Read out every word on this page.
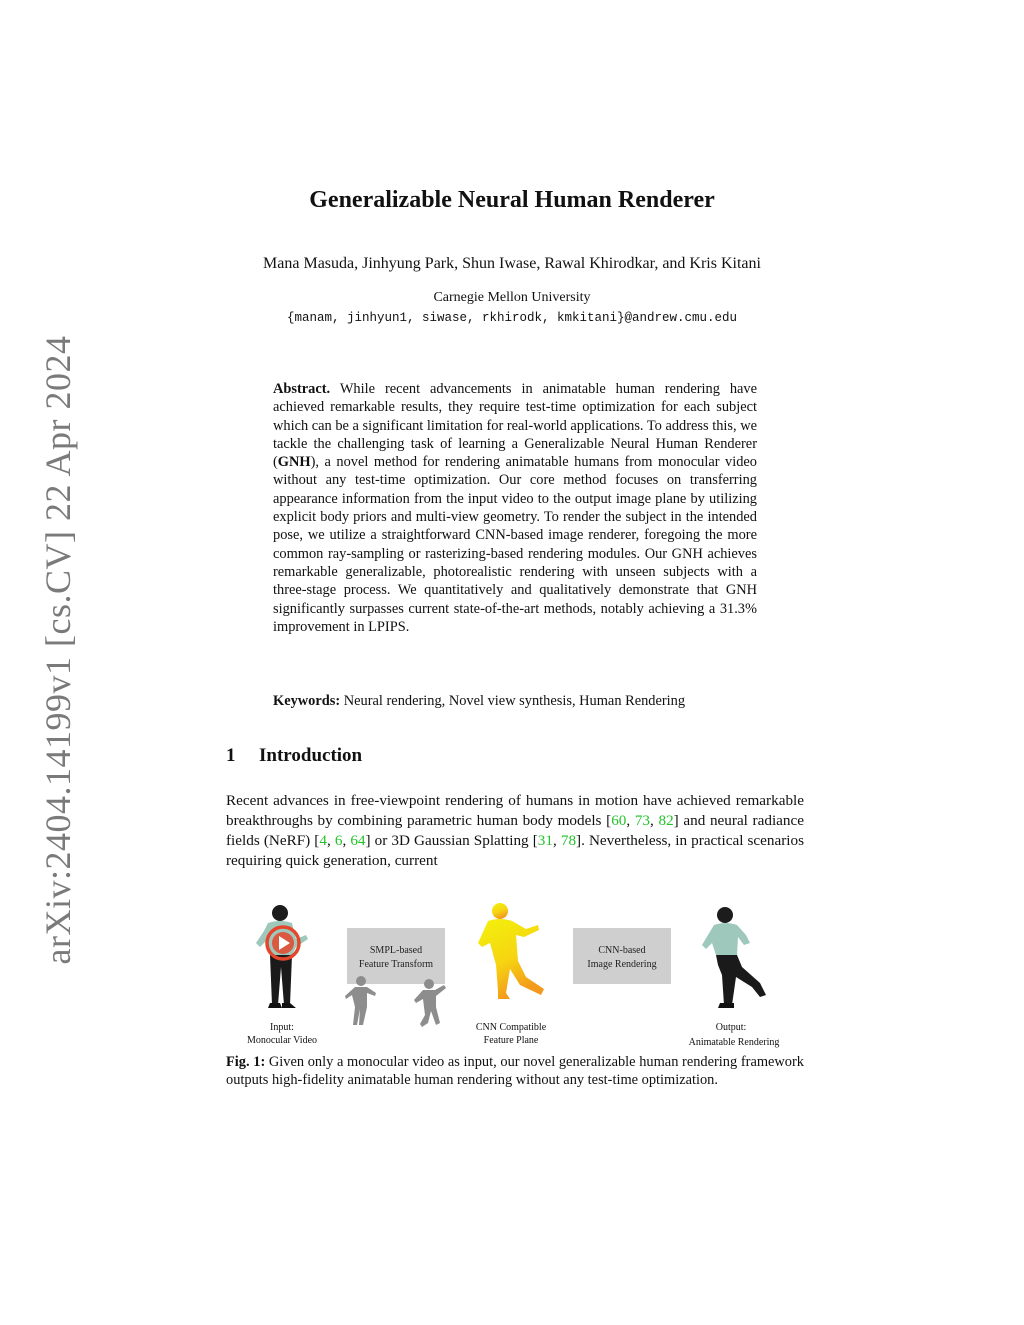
arXiv:2404.14199v1 [cs.CV] 22 Apr 2024
Generalizable Neural Human Renderer
Mana Masuda, Jinhyung Park, Shun Iwase, Rawal Khirodkar, and Kris Kitani
Carnegie Mellon University
{manam, jinhyun1, siwase, rkhirodk, kmkitani}@andrew.cmu.edu
Abstract. While recent advancements in animatable human rendering have achieved remarkable results, they require test-time optimization for each subject which can be a significant limitation for real-world applications. To address this, we tackle the challenging task of learning a Generalizable Neural Human Renderer (GNH), a novel method for rendering animatable humans from monocular video without any test-time optimization. Our core method focuses on transferring appearance information from the input video to the output image plane by utilizing explicit body priors and multi-view geometry. To render the subject in the intended pose, we utilize a straightforward CNN-based image renderer, foregoing the more common ray-sampling or rasterizing-based rendering modules. Our GNH achieves remarkable generalizable, photorealistic rendering with unseen subjects with a three-stage process. We quantitatively and qualitatively demonstrate that GNH significantly surpasses current state-of-the-art methods, notably achieving a 31.3% improvement in LPIPS.
Keywords: Neural rendering, Novel view synthesis, Human Rendering
1 Introduction
Recent advances in free-viewpoint rendering of humans in motion have achieved remarkable breakthroughs by combining parametric human body models [60, 73, 82] and neural radiance fields (NeRF) [4, 6, 64] or 3D Gaussian Splatting [31, 78]. Nevertheless, in practical scenarios requiring quick generation, current
SMPL-based
Feature Transform
CNN-based
Image Rendering
Input:
Monocular Video
CNN Compatible
Feature Plane
Output:
Animatable Rendering
Fig. 1: Given only a monocular video as input, our novel generalizable human rendering framework outputs high-fidelity animatable human rendering without any test-time optimization.
